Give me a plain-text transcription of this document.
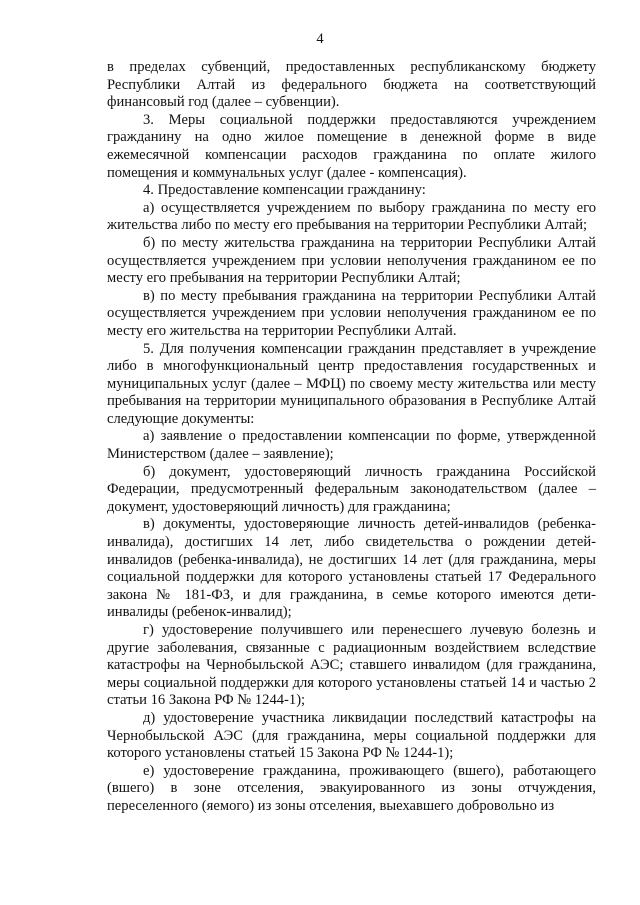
4

в пределах субвенций, предоставленных республиканскому бюджету Республики Алтай из федерального бюджета на соответствующий финансовый год (далее – субвенции).

3. Меры социальной поддержки предоставляются учреждением гражданину на одно жилое помещение в денежной форме в виде ежемесячной компенсации расходов гражданина по оплате жилого помещения и коммунальных услуг (далее - компенсация).

4. Предоставление компенсации гражданину:

а) осуществляется учреждением по выбору гражданина по месту его жительства либо по месту его пребывания на территории Республики Алтай;

б) по месту жительства гражданина на территории Республики Алтай осуществляется учреждением при условии неполучения гражданином ее по месту его пребывания на территории Республики Алтай;

в) по месту пребывания гражданина на территории Республики Алтай осуществляется учреждением при условии неполучения гражданином ее по месту его жительства на территории Республики Алтай.

5. Для получения компенсации гражданин представляет в учреждение либо в многофункциональный центр предоставления государственных и муниципальных услуг (далее – МФЦ) по своему месту жительства или месту пребывания на территории муниципального образования в Республике Алтай следующие документы:

а) заявление о предоставлении компенсации по форме, утвержденной Министерством (далее – заявление);

б) документ, удостоверяющий личность гражданина Российской Федерации, предусмотренный федеральным законодательством (далее – документ, удостоверяющий личность) для гражданина;

в) документы, удостоверяющие личность детей-инвалидов (ребенка-инвалида), достигших 14 лет, либо свидетельства о рождении детей-инвалидов (ребенка-инвалида), не достигших 14 лет (для гражданина, меры социальной поддержки для которого установлены статьей 17 Федерального закона № 181-ФЗ, и для гражданина, в семье которого имеются дети-инвалиды (ребенок-инвалид);

г) удостоверение получившего или перенесшего лучевую болезнь и другие заболевания, связанные с радиационным воздействием вследствие катастрофы на Чернобыльской АЭС; ставшего инвалидом (для гражданина, меры социальной поддержки для которого установлены статьей 14 и частью 2 статьи 16 Закона РФ № 1244-1);

д) удостоверение участника ликвидации последствий катастрофы на Чернобыльской АЭС (для гражданина, меры социальной поддержки для которого установлены статьей 15 Закона РФ № 1244-1);

е) удостоверение гражданина, проживающего (вшего), работающего (вшего) в зоне отселения, эвакуированного из зоны отчуждения, переселенного (яемого) из зоны отселения, выехавшего добровольно из
